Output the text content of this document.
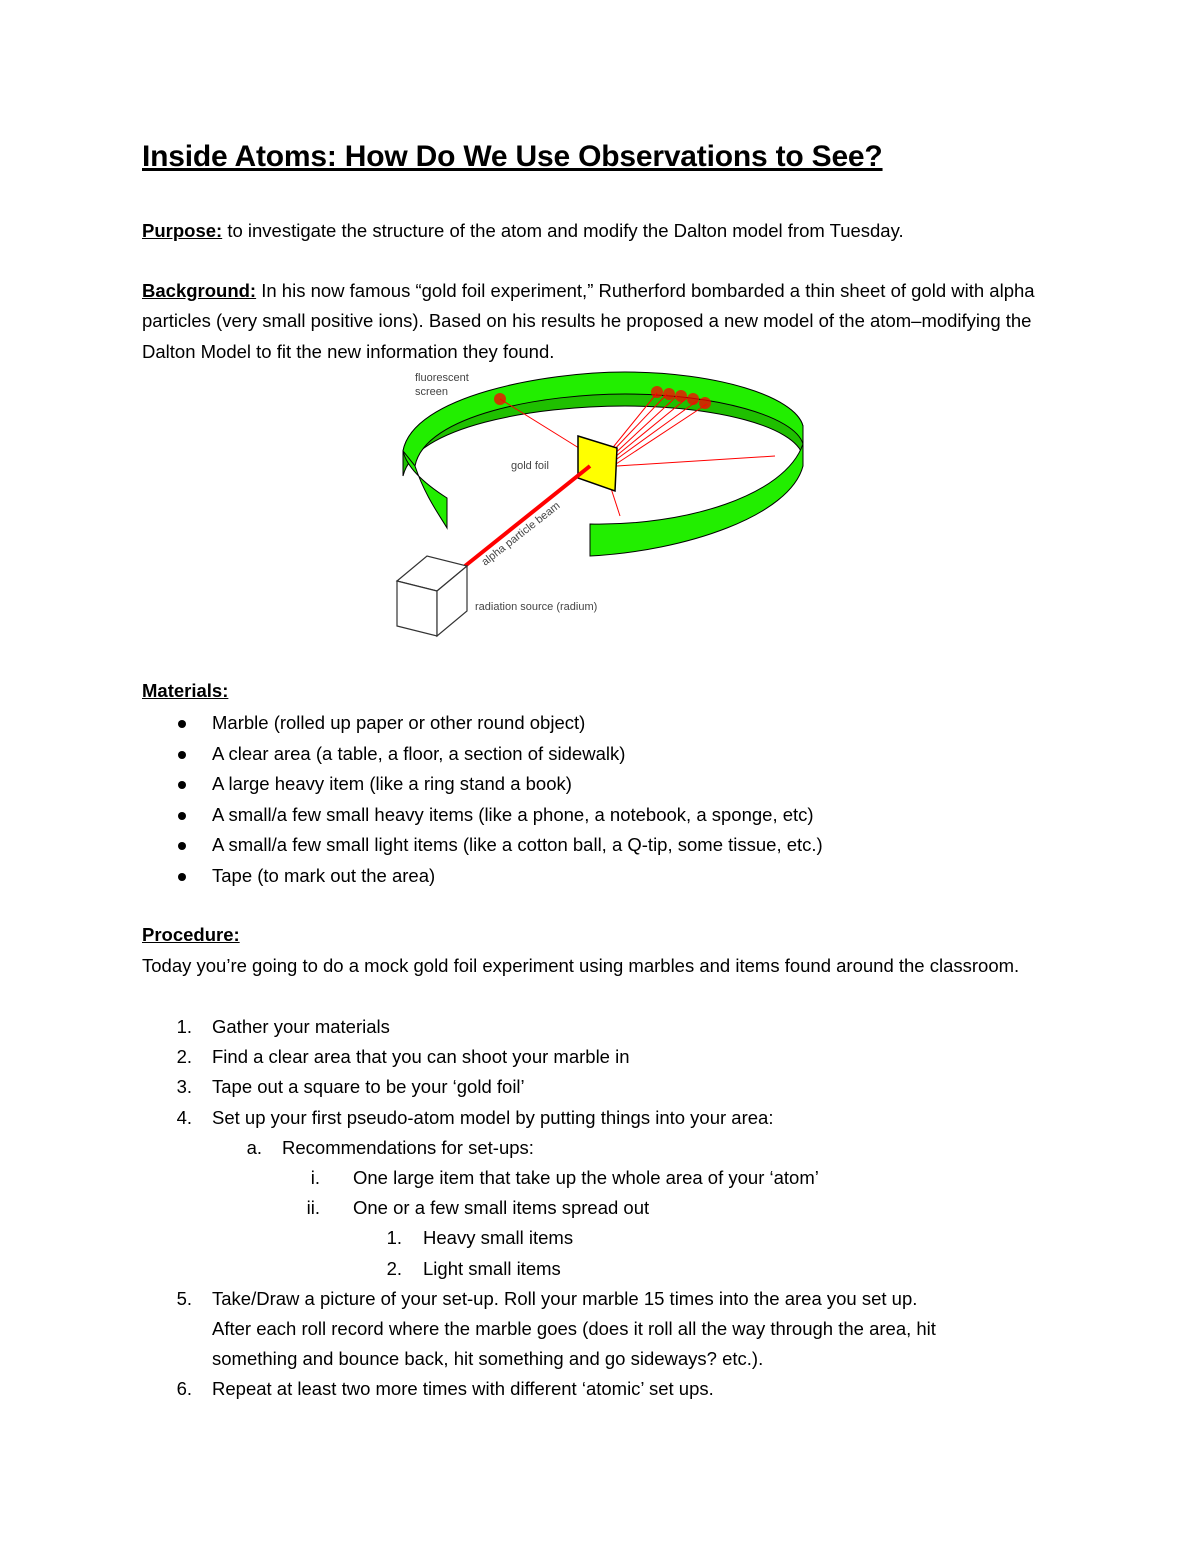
Inside Atoms: How Do We Use Observations to See?
Purpose: to investigate the structure of the atom and modify the Dalton model from Tuesday.
Background: In his now famous “gold foil experiment,” Rutherford bombarded a thin sheet of gold with alpha particles (very small positive ions). Based on his results he proposed a new model of the atom–modifying the Dalton Model to fit the new information they found.
fluorescent
screen
gold foil
alpha particle beam
radiation source (radium)
Materials:
Marble (rolled up paper or other round object)
A clear area (a table, a floor, a section of sidewalk)
A large heavy item (like a ring stand a book)
A small/a few small heavy items (like a phone, a notebook, a sponge, etc)
A small/a few small light items (like a cotton ball, a Q-tip, some tissue, etc.)
Tape (to mark out the area)
Procedure:
Today you’re going to do a mock gold foil experiment using marbles and items found around the classroom.
1. Gather your materials
2. Find a clear area that you can shoot your marble in
3. Tape out a square to be your ‘gold foil’
4. Set up your first pseudo-atom model by putting things into your area:
a. Recommendations for set-ups:
i. One large item that take up the whole area of your ‘atom’
ii. One or a few small items spread out
1. Heavy small items
2. Light small items
5. Take/Draw a picture of your set-up. Roll your marble 15 times into the area you set up.
After each roll record where the marble goes (does it roll all the way through the area, hit
something and bounce back, hit something and go sideways? etc.).
6. Repeat at least two more times with different ‘atomic’ set ups.
